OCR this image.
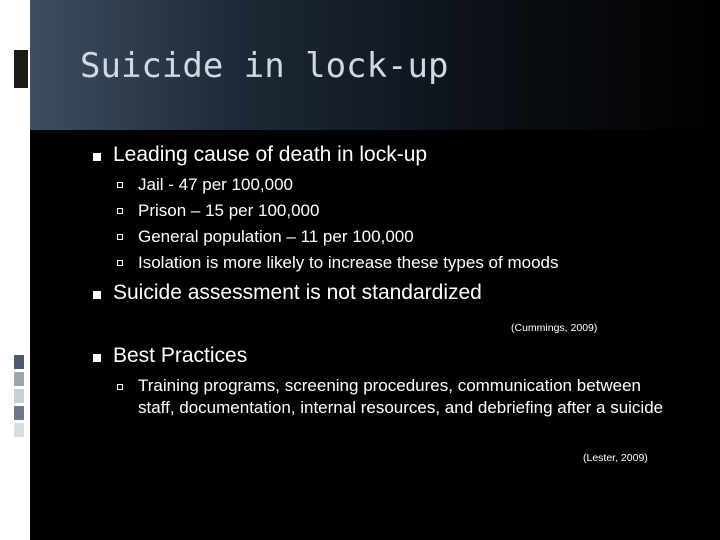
Suicide in lock-up
Leading cause of death in lock-up
Jail - 47 per 100,000
Prison – 15 per 100,000
General population – 11 per 100,000
Isolation is more likely to increase these types of moods
Suicide assessment is not standardized
(Cummings, 2009)
Best Practices
Training programs, screening procedures, communication between staff, documentation, internal resources, and debriefing after a suicide
(Lester, 2009)
